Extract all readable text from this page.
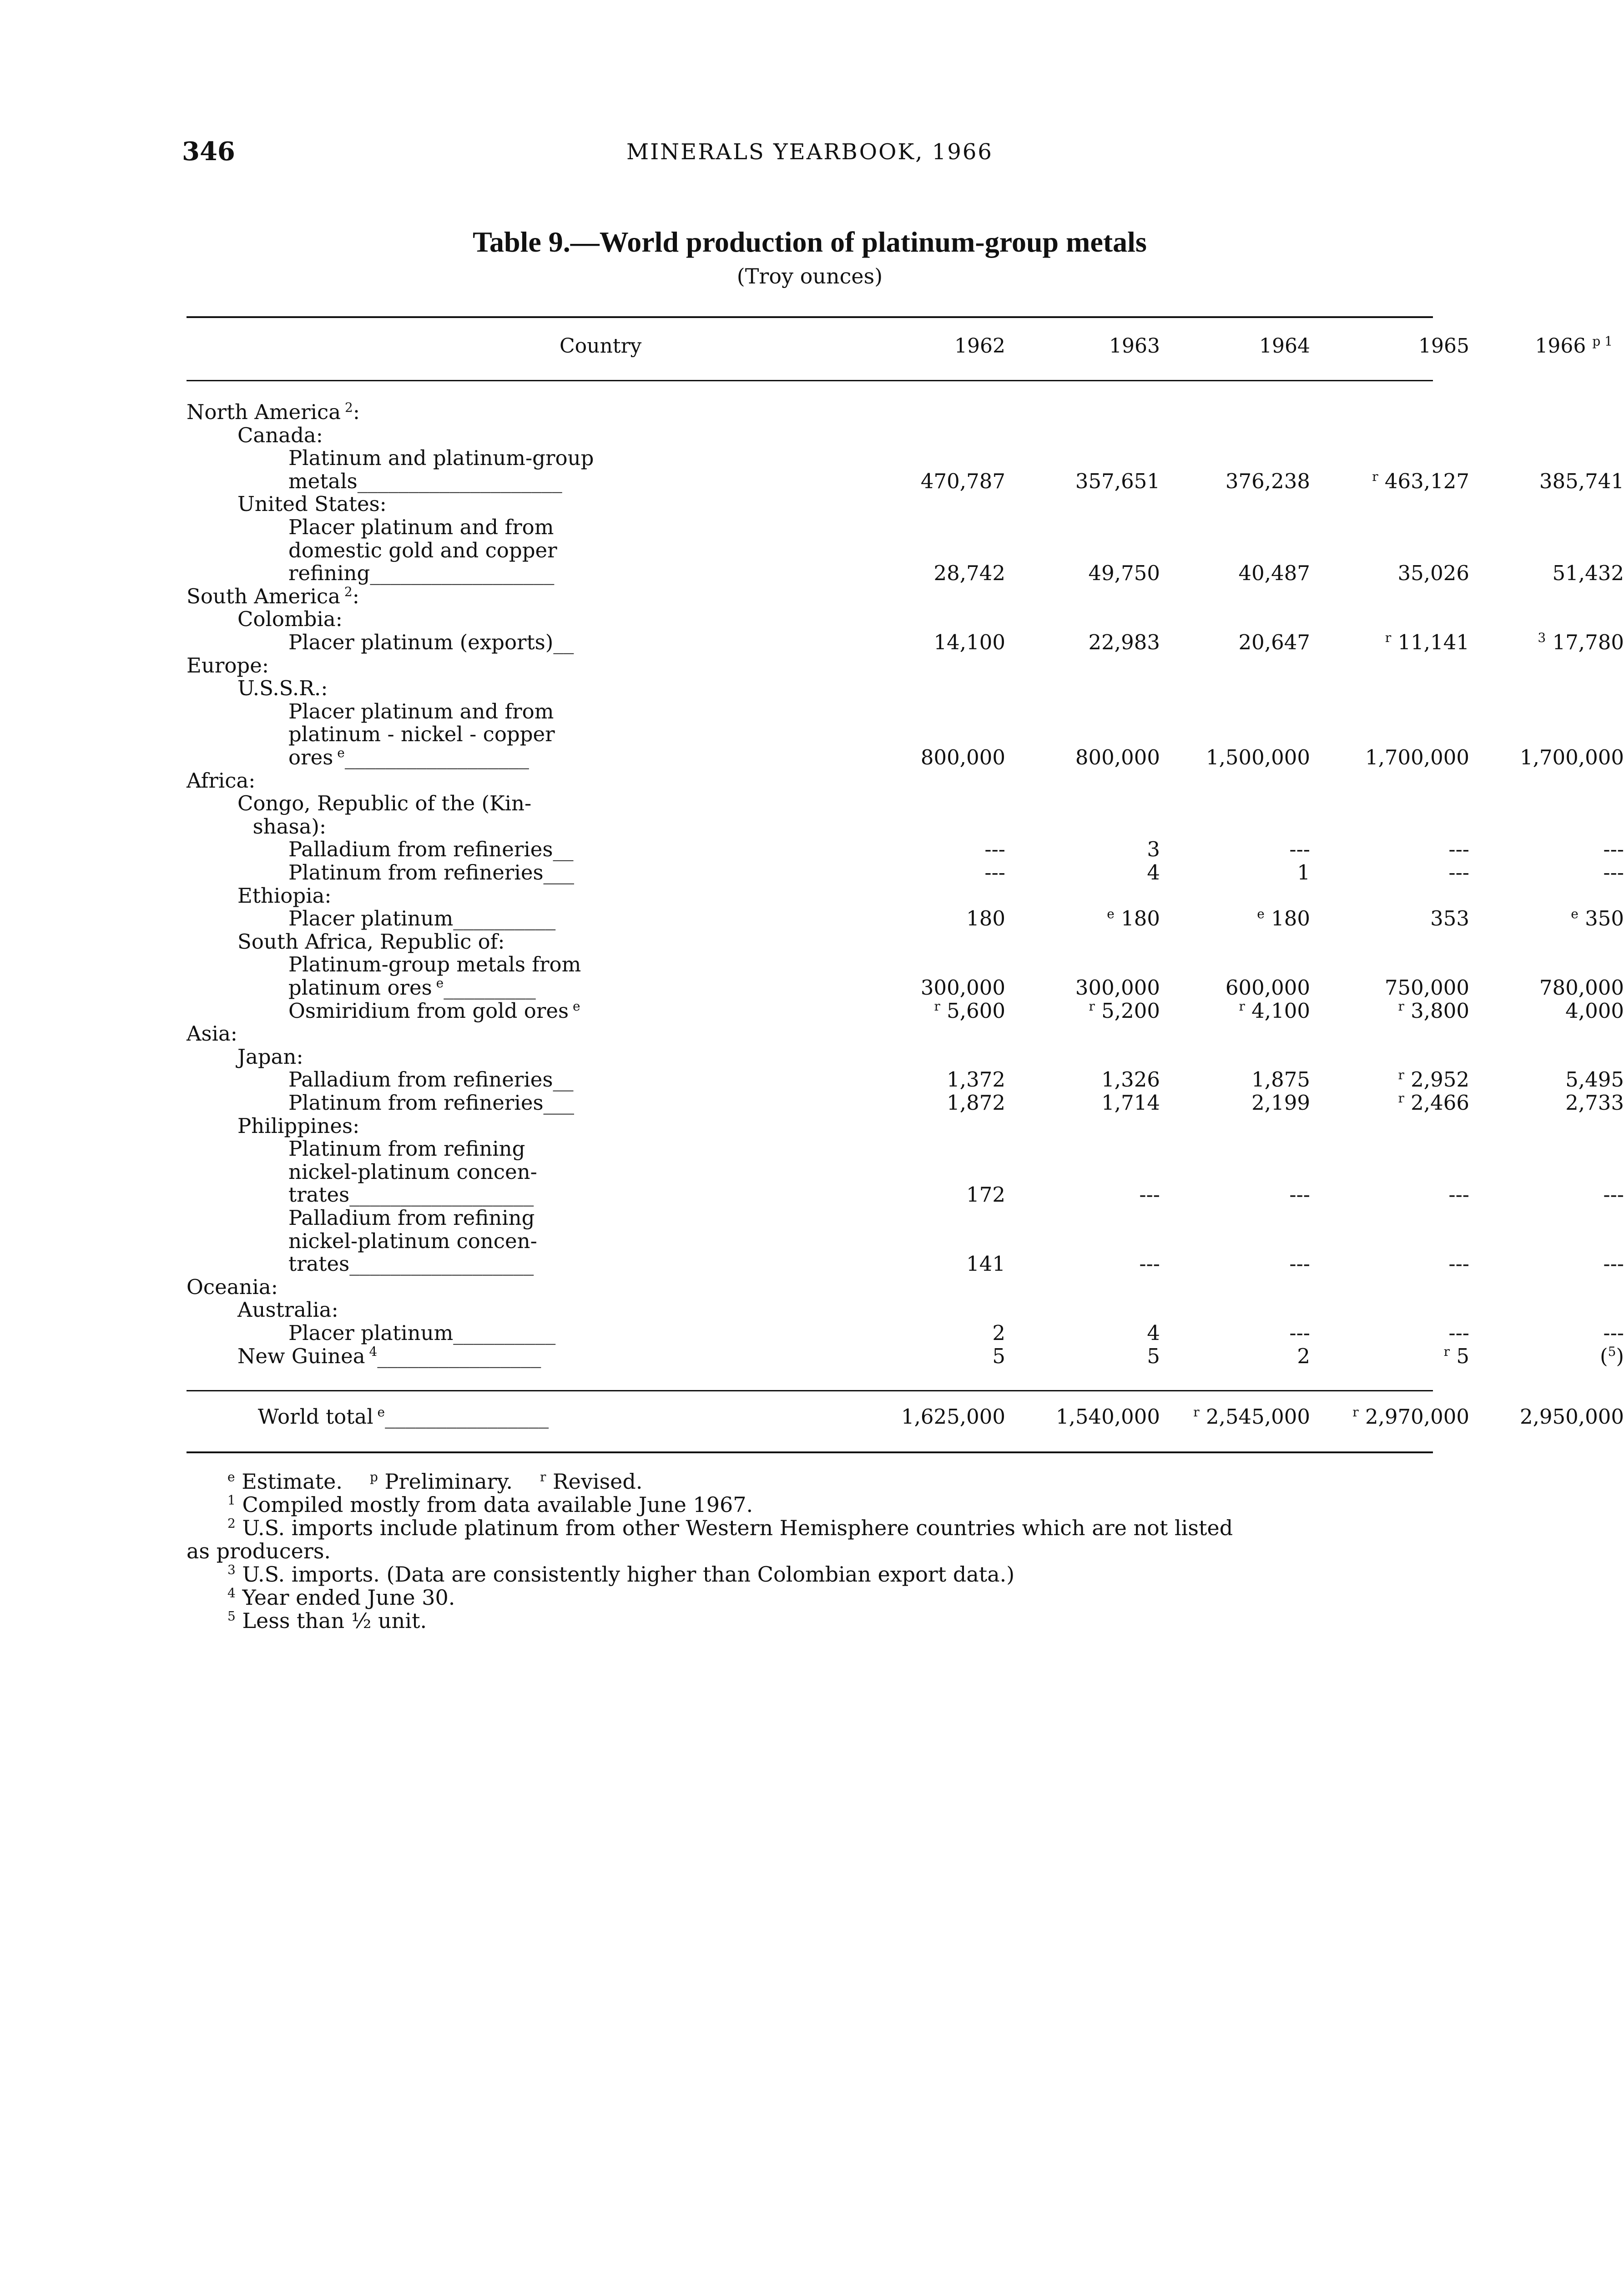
346	MINERALS YEARBOOK, 1966
Table 9.—World production of platinum-group metals
(Troy ounces)
Country	1962	1963	1964	1965	1966 $^{p 1}$
North America $^2$:
Canada:
Platinum and platinum-group
metals____________________	470,787	357,651	376,238	$^r$ 463,127	385,741
United States:
Placer platinum and from
domestic gold and copper
refining__________________	28,742	49,750	40,487	35,026	51,432
South America $^2$:
Colombia:
Placer platinum (exports)__	14,100	22,983	20,647	$^r$ 11,141	$^3$ 17,780
Europe:
U.S.S.R.:
Placer platinum and from
platinum - nickel - copper
ores $^e$__________________	800,000	800,000	1,500,000	1,700,000	1,700,000
Africa:
Congo, Republic of the (Kin-
shasa):
Palladium from refineries__	---	3	---	---	---
Platinum from refineries___	---	4	1	---	---
Ethiopia:
Placer platinum__________	180	$^e$ 180	$^e$ 180	353	$^e$ 350
South Africa, Republic of:
Platinum-group metals from
platinum ores $^e$_________	300,000	300,000	600,000	750,000	780,000
Osmiridium from gold ores $^e$	$^r$ 5,600	$^r$ 5,200	$^r$ 4,100	$^r$ 3,800	4,000
Asia:
Japan:
Palladium from refineries__	1,372	1,326	1,875	$^r$ 2,952	5,495
Platinum from refineries___	1,872	1,714	2,199	$^r$ 2,466	2,733
Philippines:
Platinum from refining
nickel-platinum concen-
trates__________________	172	---	---	---	---
Palladium from refining
nickel-platinum concen-
trates__________________	141	---	---	---	---
Oceania:
Australia:
Placer platinum__________	2	4	---	---	---
New Guinea $^4$________________	5	5	2	$^r$ 5	($^5$)
World total $^e$________________	1,625,000	1,540,000	$^r$ 2,545,000	$^r$ 2,970,000	2,950,000
$^e$ Estimate. $^p$ Preliminary. $^r$ Revised.
$^1$ Compiled mostly from data available June 1967.
$^2$ U.S. imports include platinum from other Western Hemisphere countries which are not listed
as producers.
$^3$ U.S. imports. (Data are consistently higher than Colombian export data.)
$^4$ Year ended June 30.
$^5$ Less than ½ unit.
